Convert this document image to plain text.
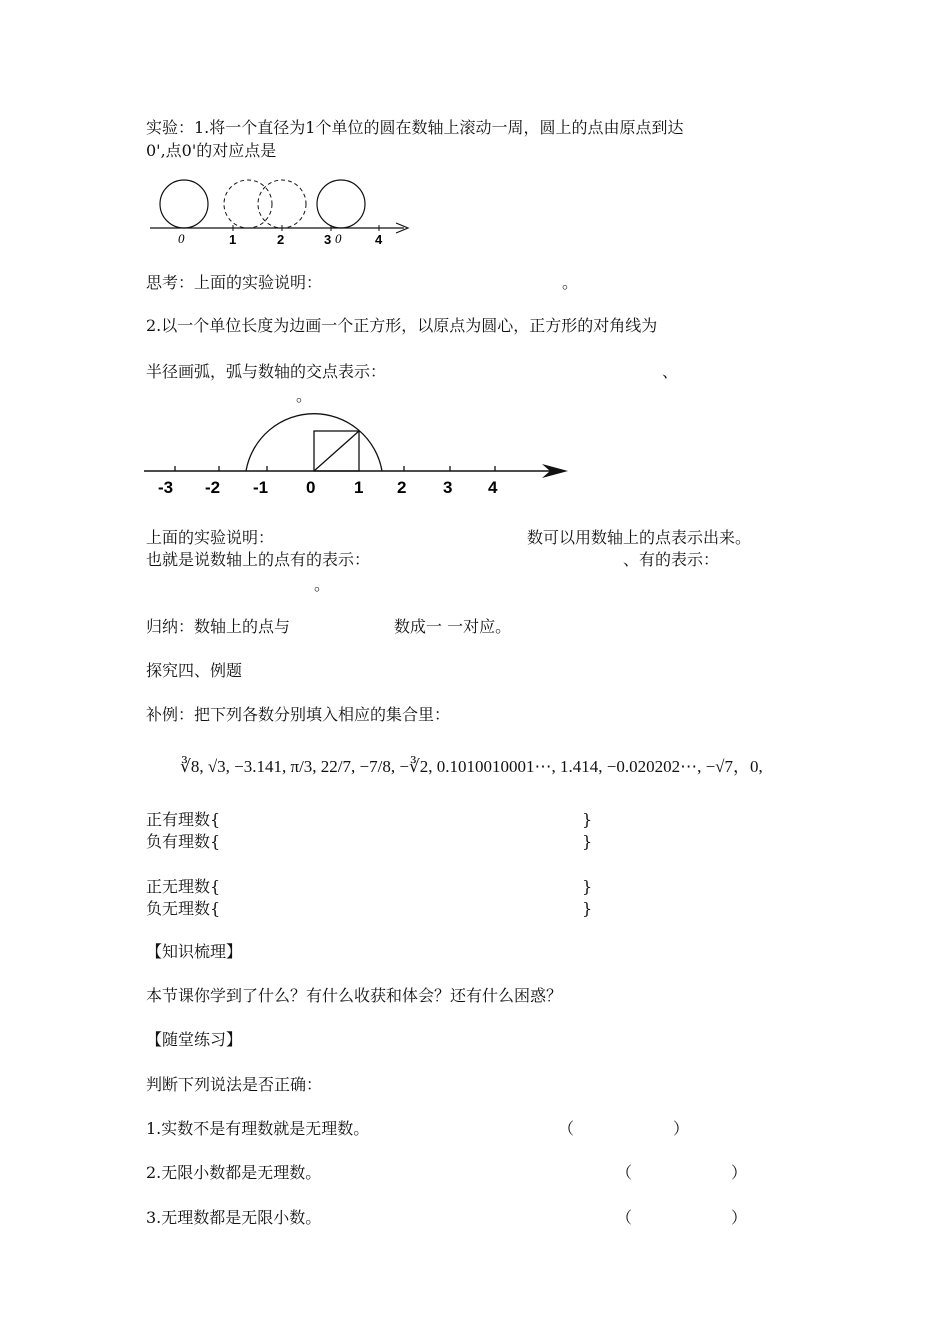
实验：1.将一个直径为1个单位的圆在数轴上滚动一周，圆上的点由原点到达
0',点0'的对应点是
0	1	2	3 0	4
思考：上面的实验说明：	。
2.以一个单位长度为边画一个正方形，以原点为圆心，正方形的对角线为
半径画弧，弧与数轴的交点表示：	、
。
-3 -2 -1 0 1 2 3 4
上面的实验说明：	数可以用数轴上的点表示出来。
也就是说数轴上的点有的表示：	、有的表示：
。
归纳：数轴上的点与	数成一 一对应。
探究四、例题
补例：把下列各数分别填入相应的集合里：
∛8, √3, −3.141, π/3, 22/7, −7/8, −∛2, 0.1010010001⋯, 1.414, −0.020202⋯, −√7，0,
正有理数{	}
负有理数{	}
正无理数{	}
负无理数{	}
【知识梳理】
本节课你学到了什么？有什么收获和体会？还有什么困惑？
【随堂练习】
判断下列说法是否正确：
1.实数不是有理数就是无理数。	（	）
2.无限小数都是无理数。	（	）
3.无理数都是无限小数。	（	）
